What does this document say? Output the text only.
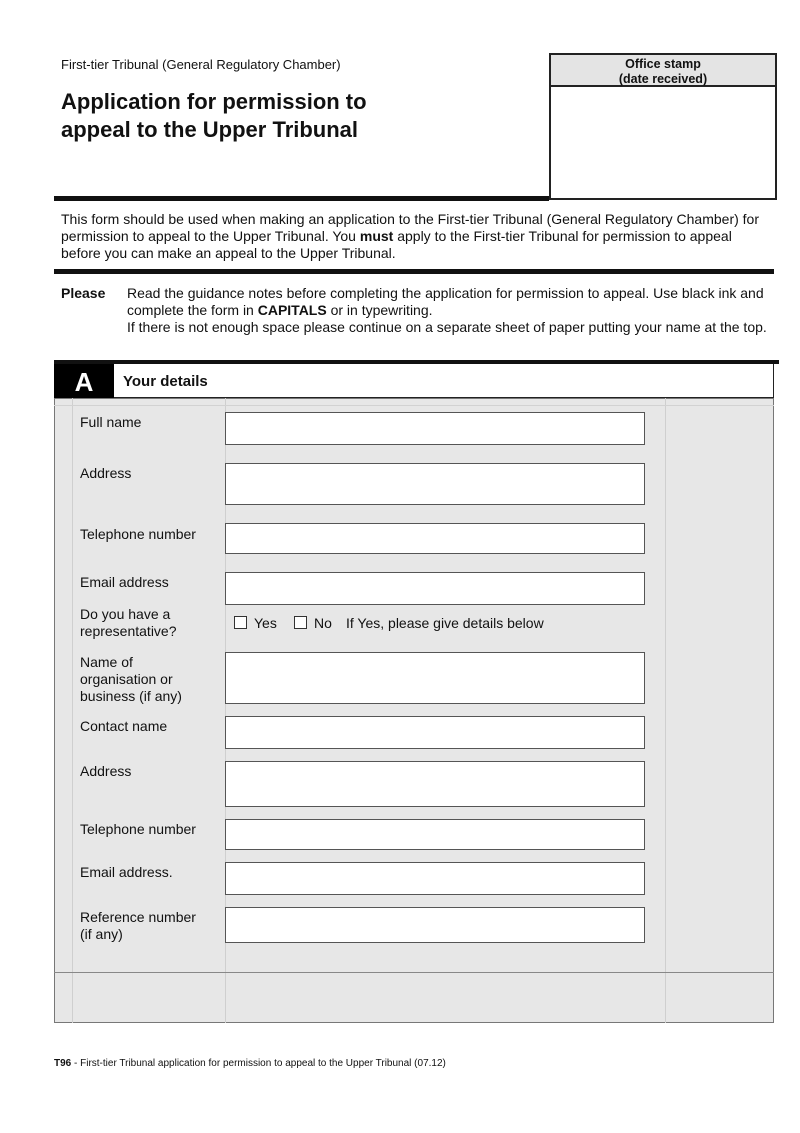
First-tier Tribunal (General Regulatory Chamber)
Application for permission to
appeal to the Upper Tribunal
Office stamp
(date received)
This form should be used when making an application to the First-tier Tribunal (General Regulatory Chamber) for permission to appeal to the Upper Tribunal. You must apply to the First-tier Tribunal for permission to appeal before you can make an appeal to the Upper Tribunal.
Please Read the guidance notes before completing the application for permission to appeal. Use black ink and complete the form in CAPITALS or in typewriting.

If there is not enough space please continue on a separate sheet of paper putting your name at the top.

A	Your details
Full name
Address
Telephone number
Email address
Do you have a
representative?	Yes	No If Yes, please give details below
Name of
organisation or
business (if any)
Contact name
Address
Telephone number
Email address.
Reference number
(if any)
T96 - First-tier Tribunal application for permission to appeal to the Upper Tribunal (07.12)
